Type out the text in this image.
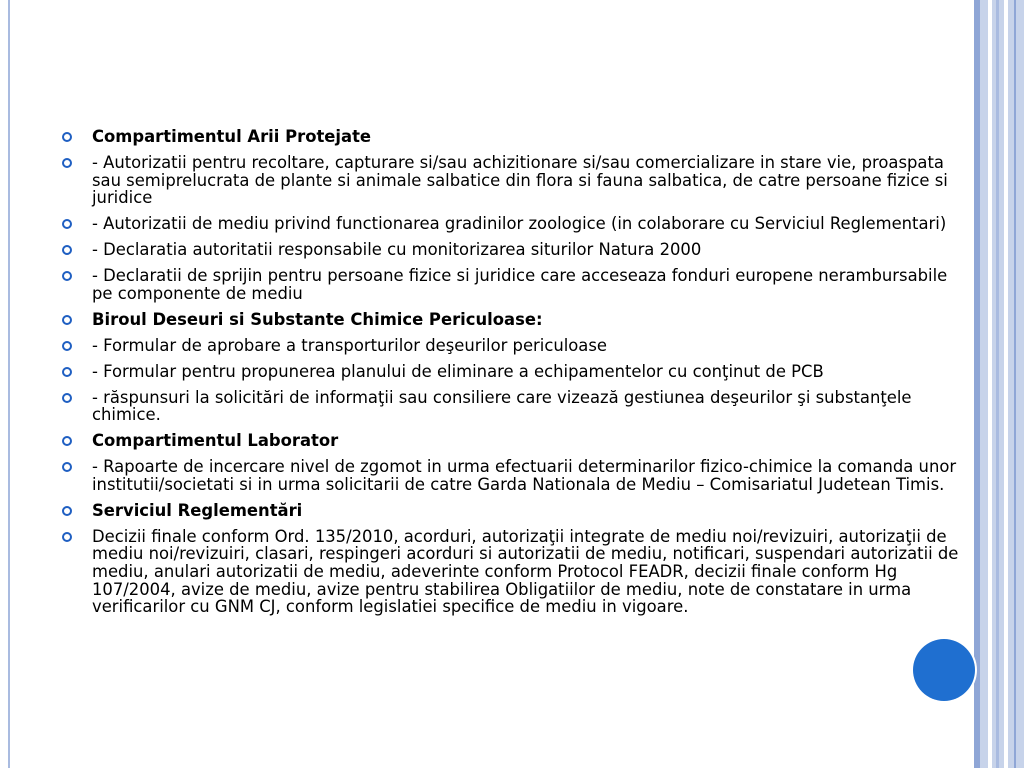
Compartimentul Arii Protejate
- Autorizatii pentru recoltare, capturare si/sau achizitionare si/sau comercializare in stare vie, proaspata sau semiprelucrata de plante si animale salbatice din flora si fauna salbatica, de catre persoane fizice si juridice
- Autorizatii de mediu privind functionarea gradinilor zoologice (in colaborare cu Serviciul Reglementari)
- Declaratia autoritatii responsabile cu monitorizarea siturilor Natura 2000
- Declaratii de sprijin pentru persoane fizice si juridice care acceseaza fonduri europene nerambursabile pe componente de mediu
Biroul Deseuri si Substante Chimice Periculoase:
- Formular de aprobare a transporturilor deşeurilor periculoase
- Formular pentru propunerea planului de eliminare a echipamentelor cu conţinut de PCB
- răspunsuri la solicitări de informaţii sau consiliere care vizează gestiunea deşeurilor şi substanţele chimice.
Compartimentul Laborator
- Rapoarte de incercare nivel de zgomot in urma efectuarii determinarilor fizico-chimice la comanda unor institutii/societati si in urma solicitarii de catre Garda Nationala de Mediu – Comisariatul Judetean Timis.
Serviciul Reglementări
Decizii finale conform Ord. 135/2010, acorduri, autorizaţii integrate de mediu noi/revizuiri, autorizaţii de mediu noi/revizuiri, clasari, respingeri acorduri si autorizatii de mediu, notificari, suspendari autorizatii de mediu, anulari autorizatii de mediu, adeverinte conform Protocol FEADR, decizii finale conform Hg 107/2004, avize de mediu, avize pentru stabilirea Obligatiilor de mediu, note de constatare in urma verificarilor cu GNM CJ, conform legislatiei specifice de mediu in vigoare.
